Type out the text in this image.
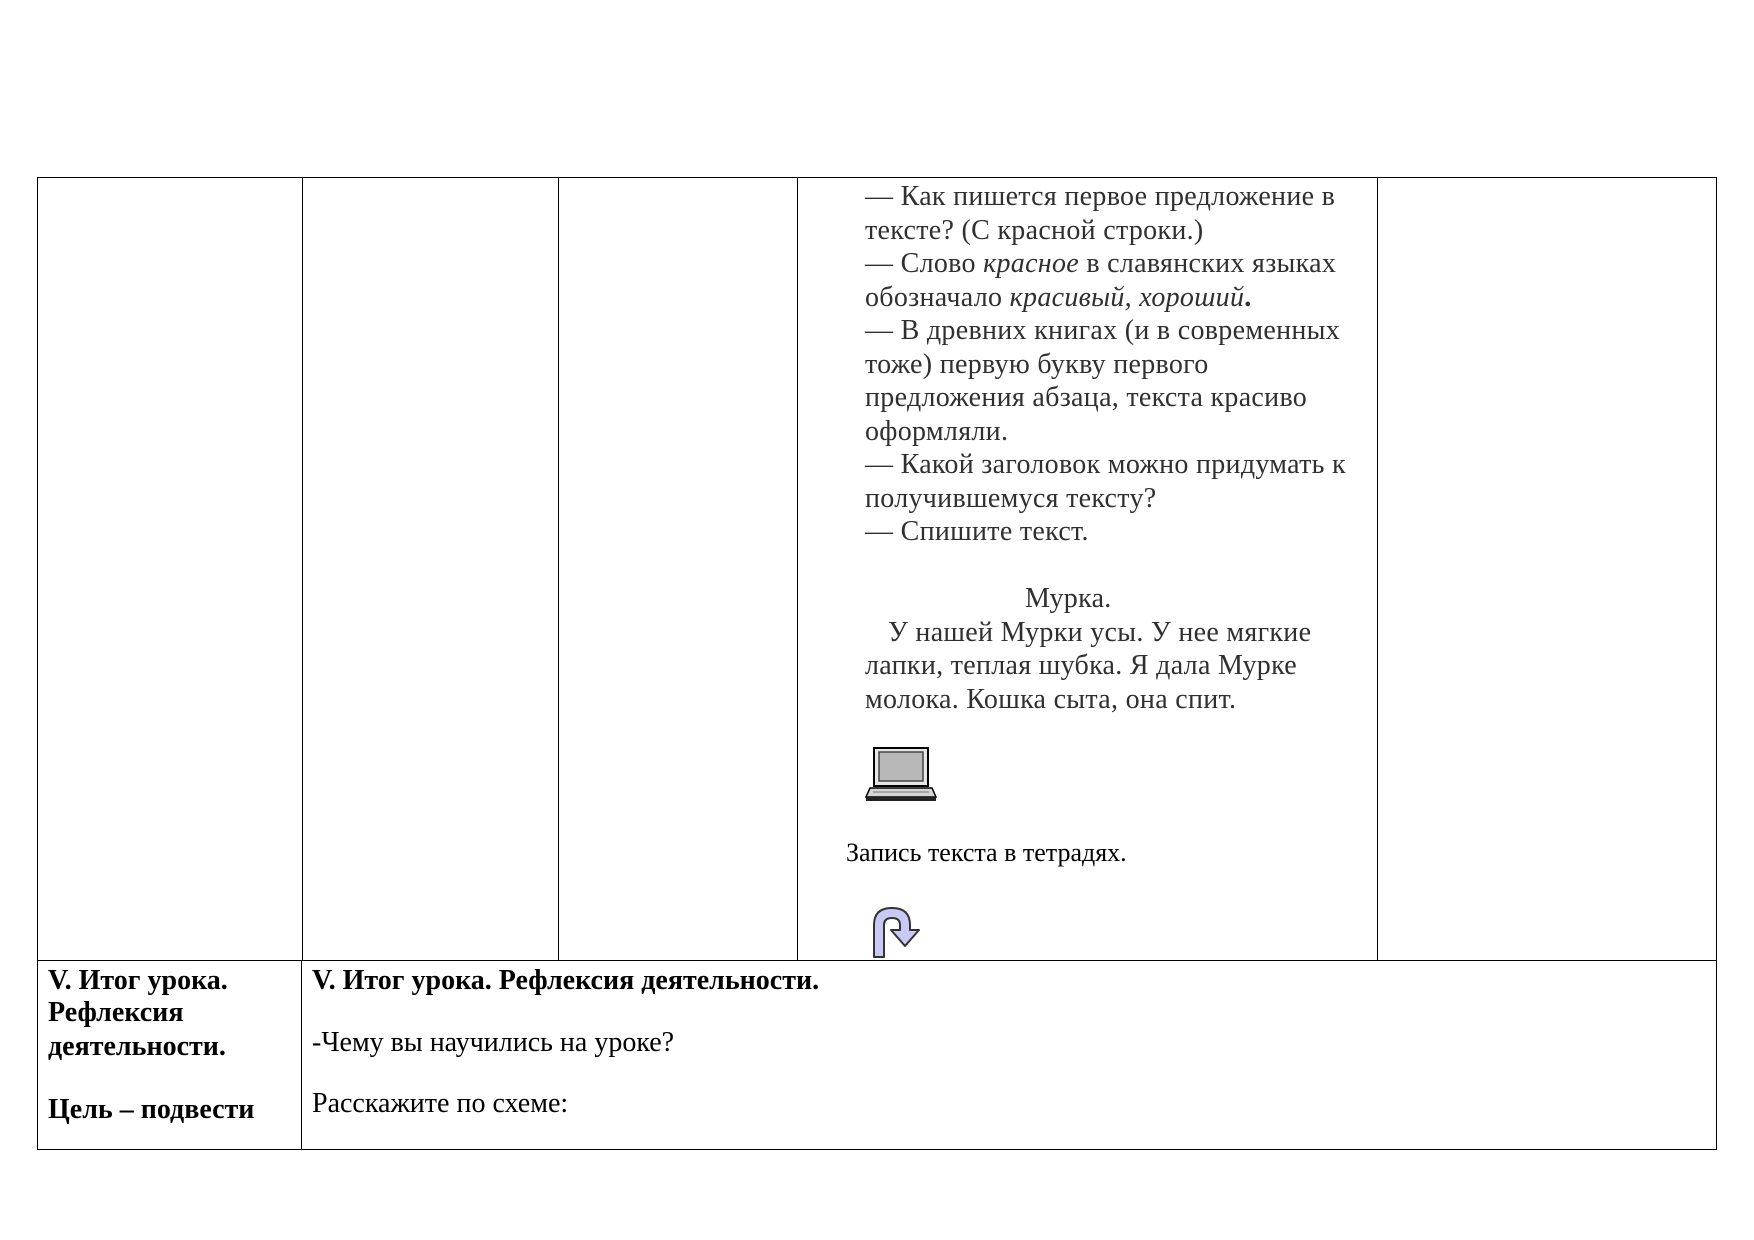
— Как пишется первое предложение в
тексте? (С красной строки.)
— Слово красное в славянских языках
обозначало красивый, хороший.
— В древних книгах (и в современных
тоже) первую букву первого
предложения абзаца, текста красиво
оформляли.
— Какой заголовок можно придумать к
получившемуся тексту?
— Спишите текст.
Мурка.
У нашей Мурки усы. У нее мягкие
лапки, теплая шубка. Я дала Мурке
молока. Кошка сыта, она спит.
Запись текста в тетрадях.
V. Итог урока.
Рефлексия
деятельности.
Цель – подвести
V. Итог урока. Рефлексия деятельности.
-Чему вы научились на уроке?
Расскажите по схеме:
